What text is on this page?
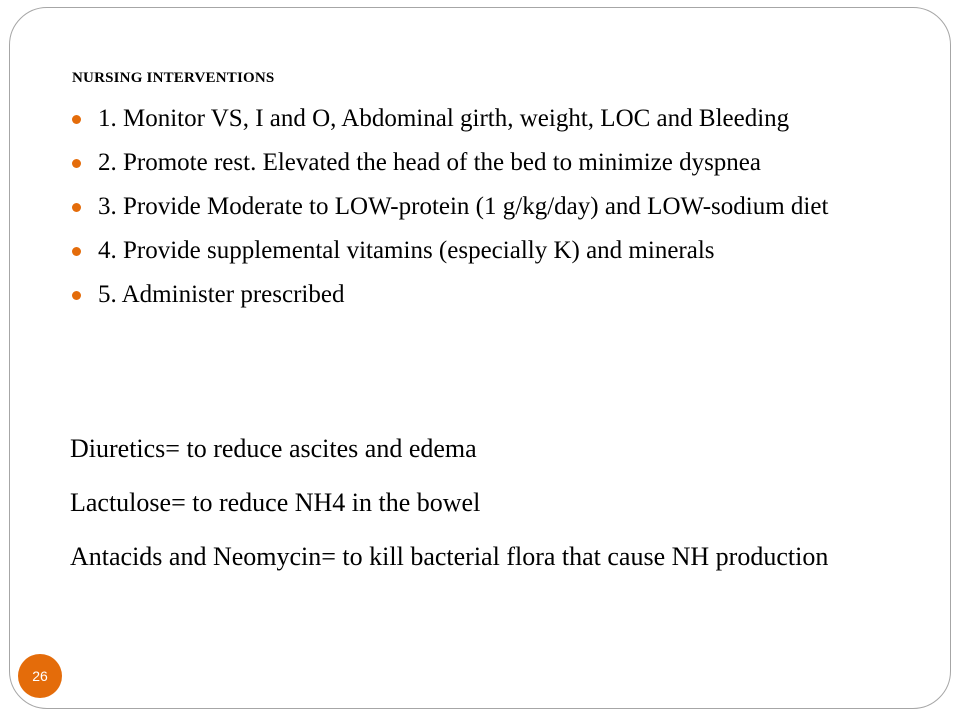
NURSING INTERVENTIONS
1. Monitor VS, I and O, Abdominal girth, weight, LOC and Bleeding
2. Promote rest. Elevated the head of the bed to minimize dyspnea
3. Provide Moderate to LOW-protein (1 g/kg/day) and LOW-sodium diet
4. Provide supplemental vitamins (especially K) and minerals
5. Administer prescribed
Diuretics= to reduce ascites and edema
Lactulose= to reduce NH4 in the bowel
Antacids and Neomycin= to kill bacterial flora that cause NH production
26
